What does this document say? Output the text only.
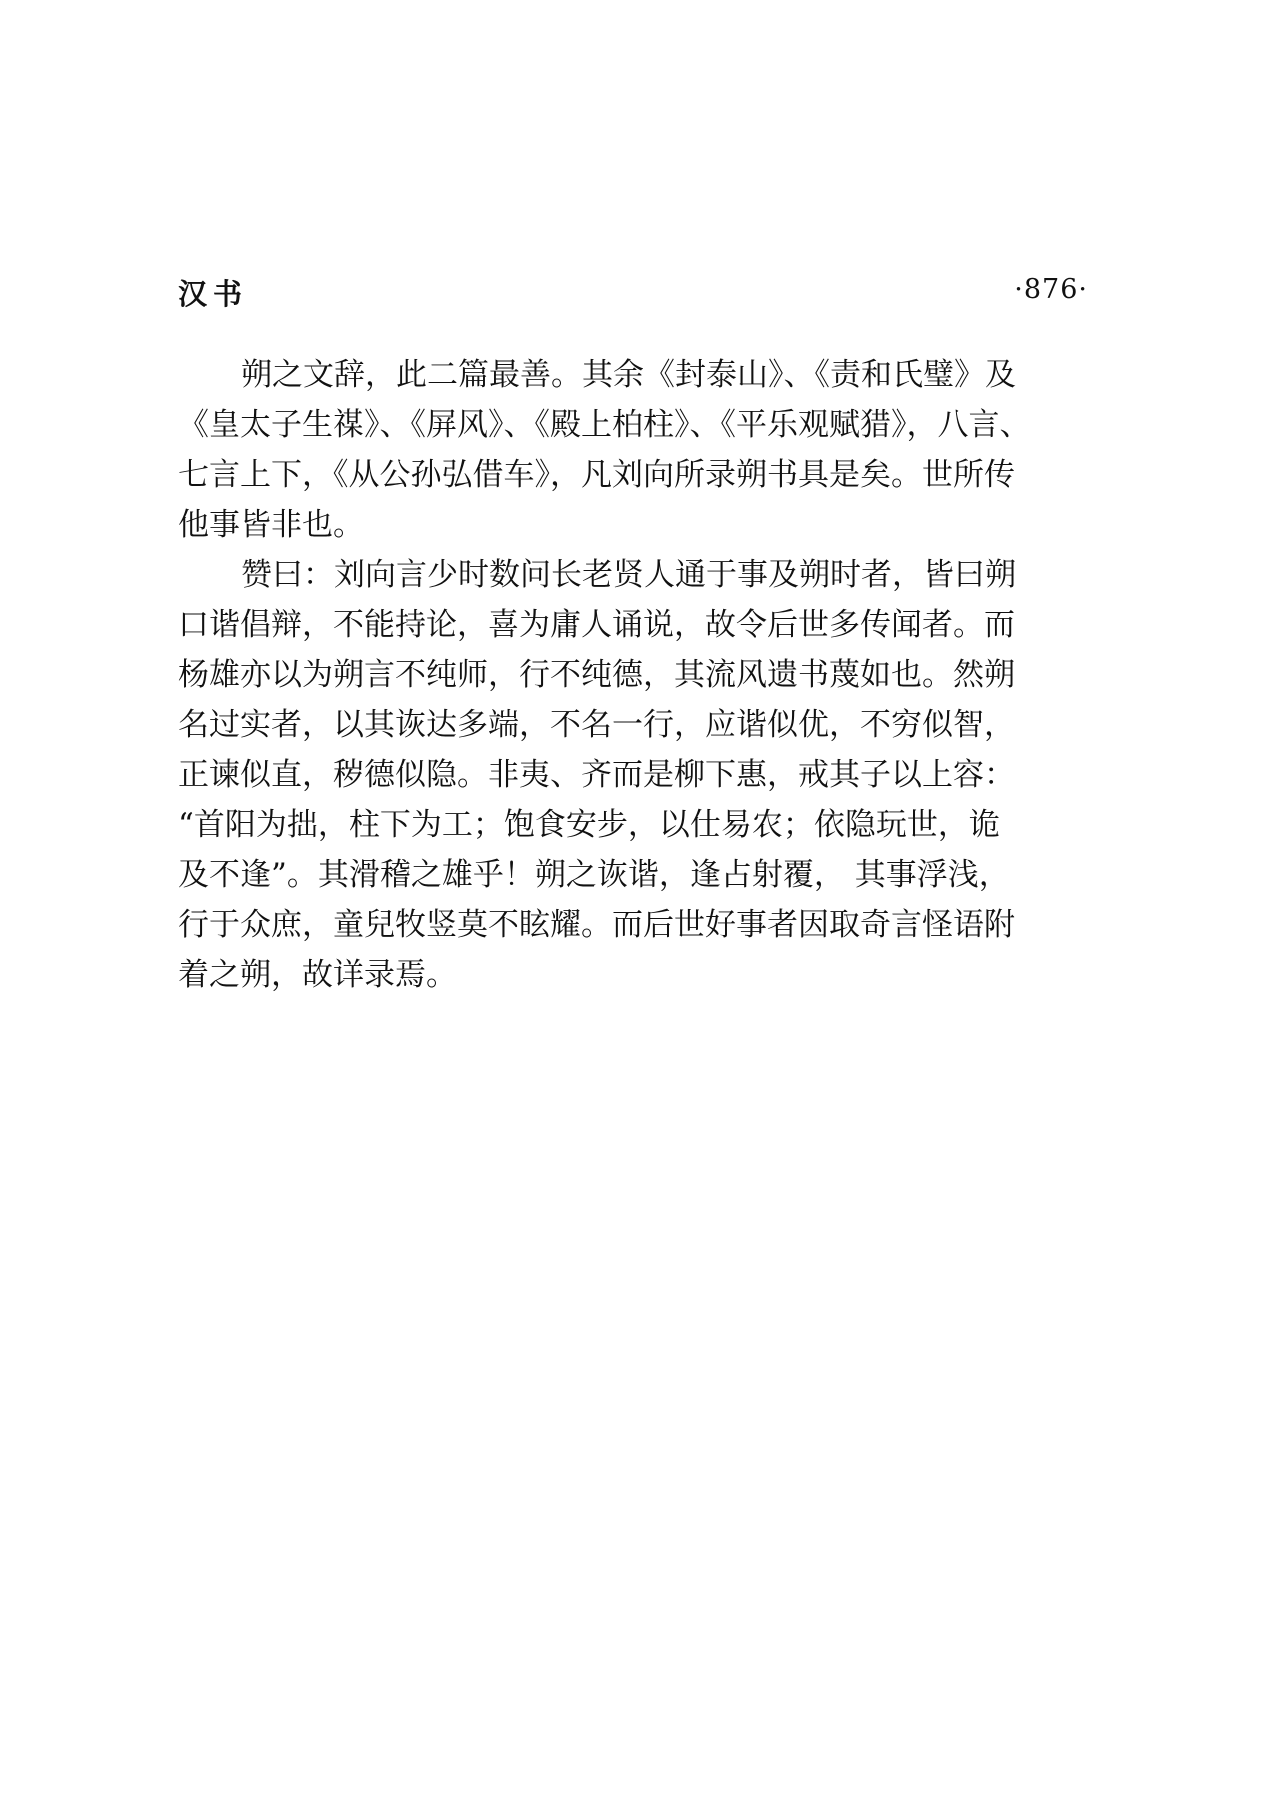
汉书	·876·

朔之文辞，此二篇最善。其余《封泰山》、《责和氏璧》及
《皇太子生禖》、《屏风》、《殿上柏柱》、《平乐观赋猎》，八言、
七言上下，《从公孙弘借车》，凡刘向所录朔书具是矣。世所传
他事皆非也。

赞曰：刘向言少时数问长老贤人通于事及朔时者，皆曰朔
口谐倡辩，不能持论，喜为庸人诵说，故令后世多传闻者。而
杨雄亦以为朔言不纯师，行不纯德，其流风遗书蔑如也。然朔
名过实者，以其诙达多端，不名一行，应谐似优，不穷似智，
正谏似直，秽德似隐。非夷、齐而是柳下惠，戒其子以上容：
“首阳为拙，柱下为工；饱食安步，以仕易农；依隐玩世，诡
及不逢”。其滑稽之雄乎！朔之诙谐，逢占射覆， 其事浮浅，
行于众庶，童兒牧竖莫不眩耀。而后世好事者因取奇言怪语附
着之朔，故详录焉。
